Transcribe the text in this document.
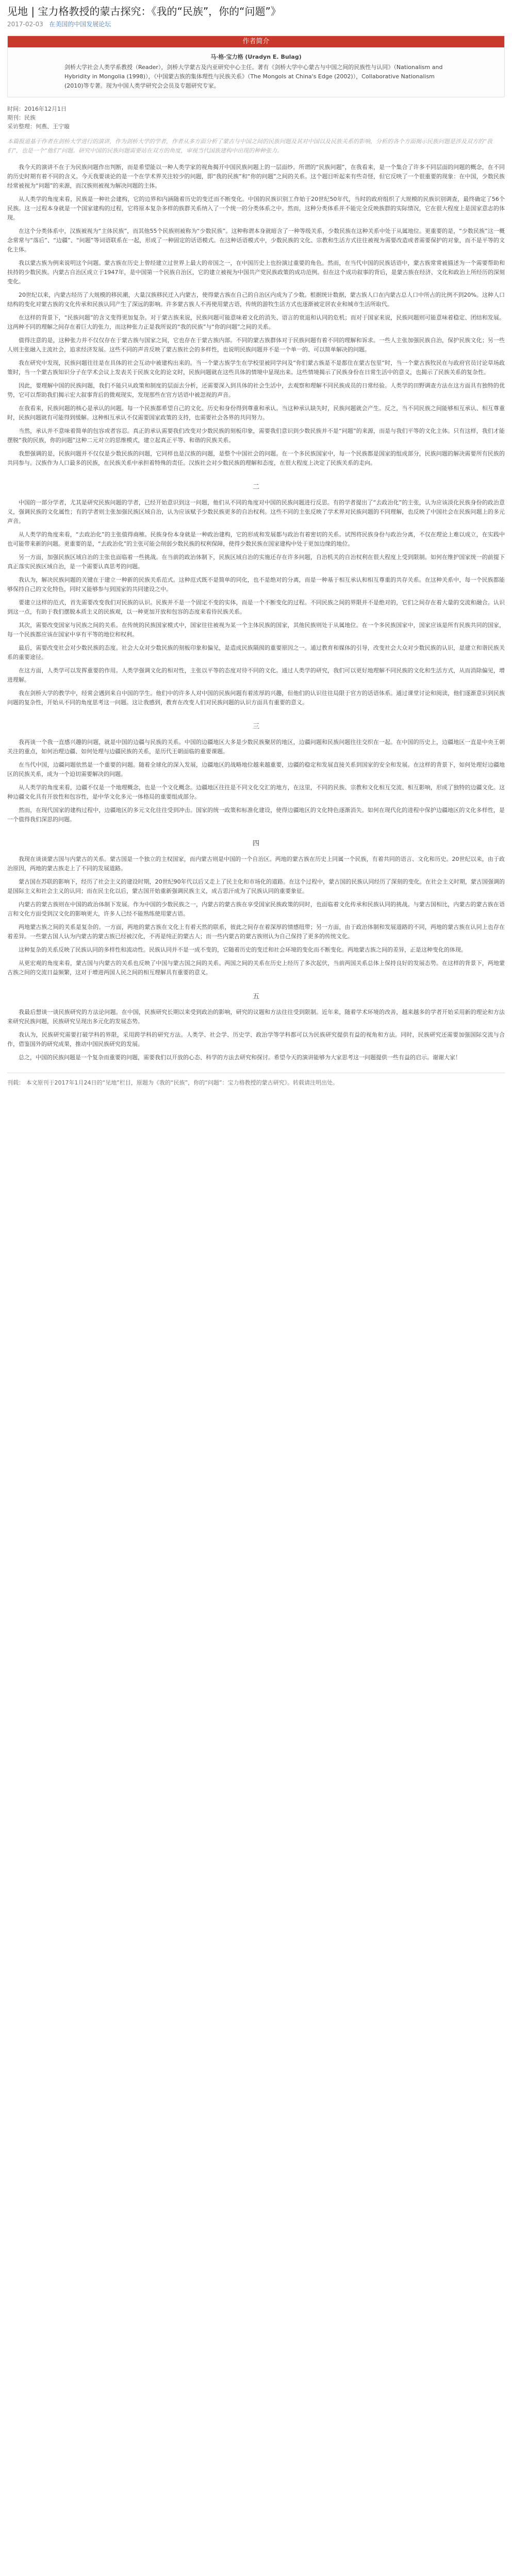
见地 | 宝力格教授的蒙古探究：《我的“民族”，你的“问题”》
2017-02-03 在美国的中国发展论坛
作者简介
马·格·宝力格 (Uradyn E. Bulag)
剑桥大学社会人类学系教授（Reader），剑桥大学蒙古及内亚研究中心主任。著有《剑桥大学中心蒙古与中国之间的民族性与认同》（Nationalism and Hybridity in Mongolia (1998)），《中国蒙古族的集体理性与民族关系》（The Mongols at China's Edge (2002)），Collaborative Nationalism (2010)等专著。现为中国人类学研究会会员及专题研究专家。
时间：2016年12月1日
期刊：民族
采访整理：何燕、王宁璇
本篇报道基于作者在剑桥大学进行的演讲，作为剑桥大学的学者，作者从多方面分析了蒙古与中国之间的民族问题及其对中国以及民族关系的影响，分析的各个方面揭示民族问题是涉及双方的“我们”，也是一个“他们”问题。研究中国的民族问题需要站在双方的角度，审视当代国族建构中出现的种种张力。

我今天的演讲不在于为民族问题作出判断，而是希望能以一种人类学家的视角揭开中国民族问题上的一层面纱。所谓的“民族问题”，在我看来，是一个集合了许多不同层面的问题的概念，在不同的历史时期有着不同的含义。今天我要谈论的是一个在学术界关注较少的问题，即“我的民族”和“你的问题”之间的关系。这个题目听起来有些奇怪，但它反映了一个很重要的现象：在中国，少数民族经常被视为“问题”的来源，而汉族则被视为解决问题的主体。

从人类学的角度来看，民族是一种社会建构，它的边界和内涵随着历史的变迁而不断变化。中国的民族识别工作始于20世纪50年代，当时的政府组织了大规模的民族识别调查，最终确定了56个民族。这一过程本身就是一个国家建构的过程，它将原本复杂多样的族群关系纳入了一个统一的分类体系之中。然而，这种分类体系并不能完全反映族群的实际情况，它在很大程度上是国家意志的体现。

在这个分类体系中，汉族被视为“主体民族”，而其他55个民族则被称为“少数民族”。这种称谓本身就暗含了一种等级关系，少数民族在这种关系中处于从属地位。更重要的是，“少数民族”这一概念常常与“落后”、“边疆”、“问题”等词语联系在一起，形成了一种固定的话语模式。在这种话语模式中，少数民族的文化、宗教和生活方式往往被视为需要改造或者需要保护的对象，而不是平等的文化主体。

我以蒙古族为例来说明这个问题。蒙古族在历史上曾经建立过世界上最大的帝国之一，在中国历史上也扮演过重要的角色。然而，在当代中国的民族话语中，蒙古族常常被描述为一个需要帮助和扶持的少数民族。内蒙古自治区成立于1947年，是中国第一个民族自治区，它的建立被视为中国共产党民族政策的成功范例。但在这个成功叙事的背后，是蒙古族在经济、文化和政治上所经历的深刻变化。

20世纪以来，内蒙古经历了大规模的移民潮，大量汉族移民迁入内蒙古，使得蒙古族在自己的自治区内成为了少数。根据统计数据，蒙古族人口在内蒙古总人口中所占的比例不到20%。这种人口结构的变化对蒙古族的文化传承和民族认同产生了深远的影响。许多蒙古族人不再使用蒙古语，传统的游牧生活方式也逐渐被定居农业和城市生活所取代。

在这样的背景下，“民族问题”的含义变得更加复杂。对于蒙古族来说，民族问题可能意味着文化的消失、语言的衰退和认同的危机；而对于国家来说，民族问题则可能意味着稳定、团结和发展。这两种不同的理解之间存在着巨大的张力，而这种张力正是我所说的“我的民族”与“你的问题”之间的关系。

值得注意的是，这种张力并不仅仅存在于蒙古族与国家之间，它也存在于蒙古族内部。不同的蒙古族群体对于民族问题有着不同的理解和诉求。一些人主张加强民族自治，保护民族文化；另一些人则主张融入主流社会，追求经济发展。这些不同的声音反映了蒙古族社会的多样性，也说明民族问题并不是一个单一的、可以简单解决的问题。

我在研究中发现，民族问题往往是在具体的社会互动中被建构出来的。当一个蒙古族学生在学校里被同学问及“你们蒙古族是不是都住在蒙古包里”时，当一个蒙古族牧民在与政府官员讨论草场政策时，当一个蒙古族知识分子在学术会议上发表关于民族文化的论文时，民族问题就在这些具体的情境中显现出来。这些情境揭示了民族身份在日常生活中的意义，也揭示了民族关系的复杂性。

因此，要理解中国的民族问题，我们不能只从政策和制度的层面去分析，还需要深入到具体的社会生活中，去观察和理解不同民族成员的日常经验。人类学的田野调查方法在这方面具有独特的优势，它可以帮助我们揭示宏大叙事背后的微观现实，发现那些在官方话语中被忽视的声音。

在我看来，民族问题的核心是承认的问题。每一个民族都希望自己的文化、历史和身份得到尊重和承认。当这种承认缺失时，民族问题就会产生。反之，当不同民族之间能够相互承认、相互尊重时，民族问题就有可能得到缓解。这种相互承认不仅需要国家政策的支持，也需要社会各界的共同努力。

当然，承认并不意味着简单的包容或者容忍。真正的承认需要我们改变对少数民族的刻板印象，需要我们意识到少数民族并不是“问题”的来源，而是与我们平等的文化主体。只有这样，我们才能摆脱“我的民族，你的问题”这种二元对立的思维模式，建立起真正平等、和谐的民族关系。

我想强调的是，民族问题并不仅仅是少数民族的问题，它同样也是汉族的问题，是整个中国社会的问题。在一个多民族国家中，每一个民族都是国家的组成部分，民族问题的解决需要所有民族的共同参与。汉族作为人口最多的民族，在民族关系中承担着特殊的责任。汉族社会对少数民族的理解和态度，在很大程度上决定了民族关系的走向。

二

中国的一部分学者，尤其是研究民族问题的学者，已经开始意识到这一问题，他们从不同的角度对中国的民族问题进行反思。有的学者提出了“去政治化”的主张，认为应该淡化民族身份的政治意义，强调民族的文化属性；有的学者则主张加强民族区域自治，认为应该赋予少数民族更多的自治权利。这些不同的主张反映了学术界对民族问题的不同理解，也反映了中国社会在民族问题上的多元声音。

从人类学的角度来看，“去政治化”的主张值得商榷。民族身份本身就是一种政治建构，它的形成和发展都与政治有着密切的关系。试图将民族身份与政治分离，不仅在理论上难以成立，在实践中也可能带来新的问题。更重要的是，“去政治化”的主张可能会削弱少数民族的权利保障，使得少数民族在国家建构中处于更加边缘的地位。

另一方面，加强民族区域自治的主张也面临着一些挑战。在当前的政治体制下，民族区域自治的实施还存在许多问题，自治机关的自治权利在很大程度上受到限制。如何在维护国家统一的前提下真正落实民族区域自治，是一个需要认真思考的问题。

我认为，解决民族问题的关键在于建立一种新的民族关系范式。这种范式既不是简单的同化，也不是绝对的分离，而是一种基于相互承认和相互尊重的共存关系。在这种关系中，每一个民族都能够保持自己的文化特色，同时又能够参与到国家的共同建设之中。

要建立这样的范式，首先需要改变我们对民族的认识。民族并不是一个固定不变的实体，而是一个不断变化的过程。不同民族之间的界限并不是绝对的，它们之间存在着大量的交流和融合。认识到这一点，有助于我们摆脱本质主义的民族观，以一种更加开放和包容的态度来看待民族关系。

其次，需要改变国家与民族之间的关系。在传统的民族国家模式中，国家往往被视为某一个主体民族的国家，其他民族则处于从属地位。在一个多民族国家中，国家应该是所有民族共同的国家，每一个民族都应该在国家中享有平等的地位和权利。

最后，需要改变社会对少数民族的态度。社会大众对少数民族的刻板印象和偏见，是造成民族隔阂的重要原因之一。通过教育和媒体的引导，改变社会大众对少数民族的认识，是建立和谐民族关系的重要途径。

在这方面，人类学可以发挥重要的作用。人类学强调文化的相对性，主张以平等的态度对待不同的文化。通过人类学的研究，我们可以更好地理解不同民族的文化和生活方式，从而消除偏见，增进理解。

我在剑桥大学的教学中，经常会遇到来自中国的学生。他们中的许多人对中国的民族问题有着浓厚的兴趣，但他们的认识往往局限于官方的话语体系。通过课堂讨论和阅读，他们逐渐意识到民族问题的复杂性，开始从不同的角度思考这一问题。这让我感到，教育在改变人们对民族问题的认识方面具有重要的意义。

三

我再谈一个我一直感兴趣的问题，就是中国的边疆与民族的关系。中国的边疆地区大多是少数民族聚居的地区，边疆问题和民族问题往往交织在一起。在中国的历史上，边疆地区一直是中央王朝关注的重点，如何治理边疆、如何处理与边疆民族的关系，是历代王朝面临的重要课题。

在当代中国，边疆问题依然是一个重要的问题。随着全球化的深入发展，边疆地区的战略地位越来越重要，边疆的稳定和发展直接关系到国家的安全和发展。在这样的背景下，如何处理好边疆地区的民族关系，成为一个迫切需要解决的问题。

从人类学的角度来看，边疆不仅是一个地理概念，也是一个文化概念。边疆地区往往是不同文化交汇的地方，在这里，不同的民族、宗教和文化相互交流、相互影响，形成了独特的边疆文化。这种边疆文化具有开放性和包容性，是中华文化多元一体格局的重要组成部分。

然而，在现代国家的建构过程中，边疆地区的多元文化往往受到冲击。国家的统一政策和标准化建设，使得边疆地区的文化特色逐渐消失。如何在现代化的进程中保护边疆地区的文化多样性，是一个值得我们深思的问题。

四

我现在谈谈蒙古国与内蒙古的关系。蒙古国是一个独立的主权国家，而内蒙古则是中国的一个自治区。两地的蒙古族在历史上同属一个民族，有着共同的语言、文化和历史。20世纪以来，由于政治原因，两地的蒙古族走上了不同的发展道路。

蒙古国在苏联的影响下，经历了社会主义的建设时期，20世纪90年代以后又走上了民主化和市场化的道路。在这个过程中，蒙古国的民族认同经历了深刻的变化。在社会主义时期，蒙古国强调的是国际主义和社会主义的认同；而在民主化以后，蒙古国开始重新强调民族主义，成吉思汗成为了民族认同的重要象征。

内蒙古的蒙古族则在中国的政治体制下发展。作为中国的少数民族之一，内蒙古的蒙古族在享受国家民族政策的同时，也面临着文化传承和民族认同的挑战。与蒙古国相比，内蒙古的蒙古族在语言和文化方面受到汉文化的影响更大，许多人已经不能熟练使用蒙古语。

两地蒙古族之间的关系是复杂的。一方面，两地的蒙古族在文化上有着天然的联系，彼此之间存在着深厚的情感纽带；另一方面，由于政治体制和发展道路的不同，两地的蒙古族在认同上也存在着差异。一些蒙古国人认为内蒙古的蒙古族已经被汉化，不再是纯正的蒙古人；而一些内蒙古的蒙古族则认为自己保持了更多的传统文化。

这种复杂的关系反映了民族认同的多样性和流动性。民族认同并不是一成不变的，它随着历史的变迁和社会环境的变化而不断变化。两地蒙古族之间的差异，正是这种变化的体现。

从更宏观的角度来看，蒙古国与内蒙古的关系也反映了中国与蒙古国之间的关系。两国之间的关系在历史上经历了多次起伏，当前两国关系总体上保持良好的发展态势。在这样的背景下，两地蒙古族之间的交流日益频繁，这对于增进两国人民之间的相互理解具有重要的意义。

五

我最后想谈一谈民族研究的方法论问题。在中国，民族研究长期以来受到政治的影响，研究的议题和方法往往受到限制。近年来，随着学术环境的改善，越来越多的学者开始采用新的理论和方法来研究民族问题，民族研究呈现出多元化的发展态势。

我认为，民族研究需要打破学科的界限，采用跨学科的研究方法。人类学、社会学、历史学、政治学等学科都可以为民族研究提供有益的视角和方法。同时，民族研究还需要加强国际交流与合作，借鉴国外的研究成果，推动中国民族研究的发展。

总之，中国的民族问题是一个复杂而重要的问题，需要我们以开放的心态、科学的方法去研究和探讨。希望今天的演讲能够为大家思考这一问题提供一些有益的启示。谢谢大家！

刊载： 本文原刊于2017年1月24日的“见地”栏目，原题为《我的“民族”，你的“问题”：宝力格教授的蒙古研究》。转载请注明出处。
